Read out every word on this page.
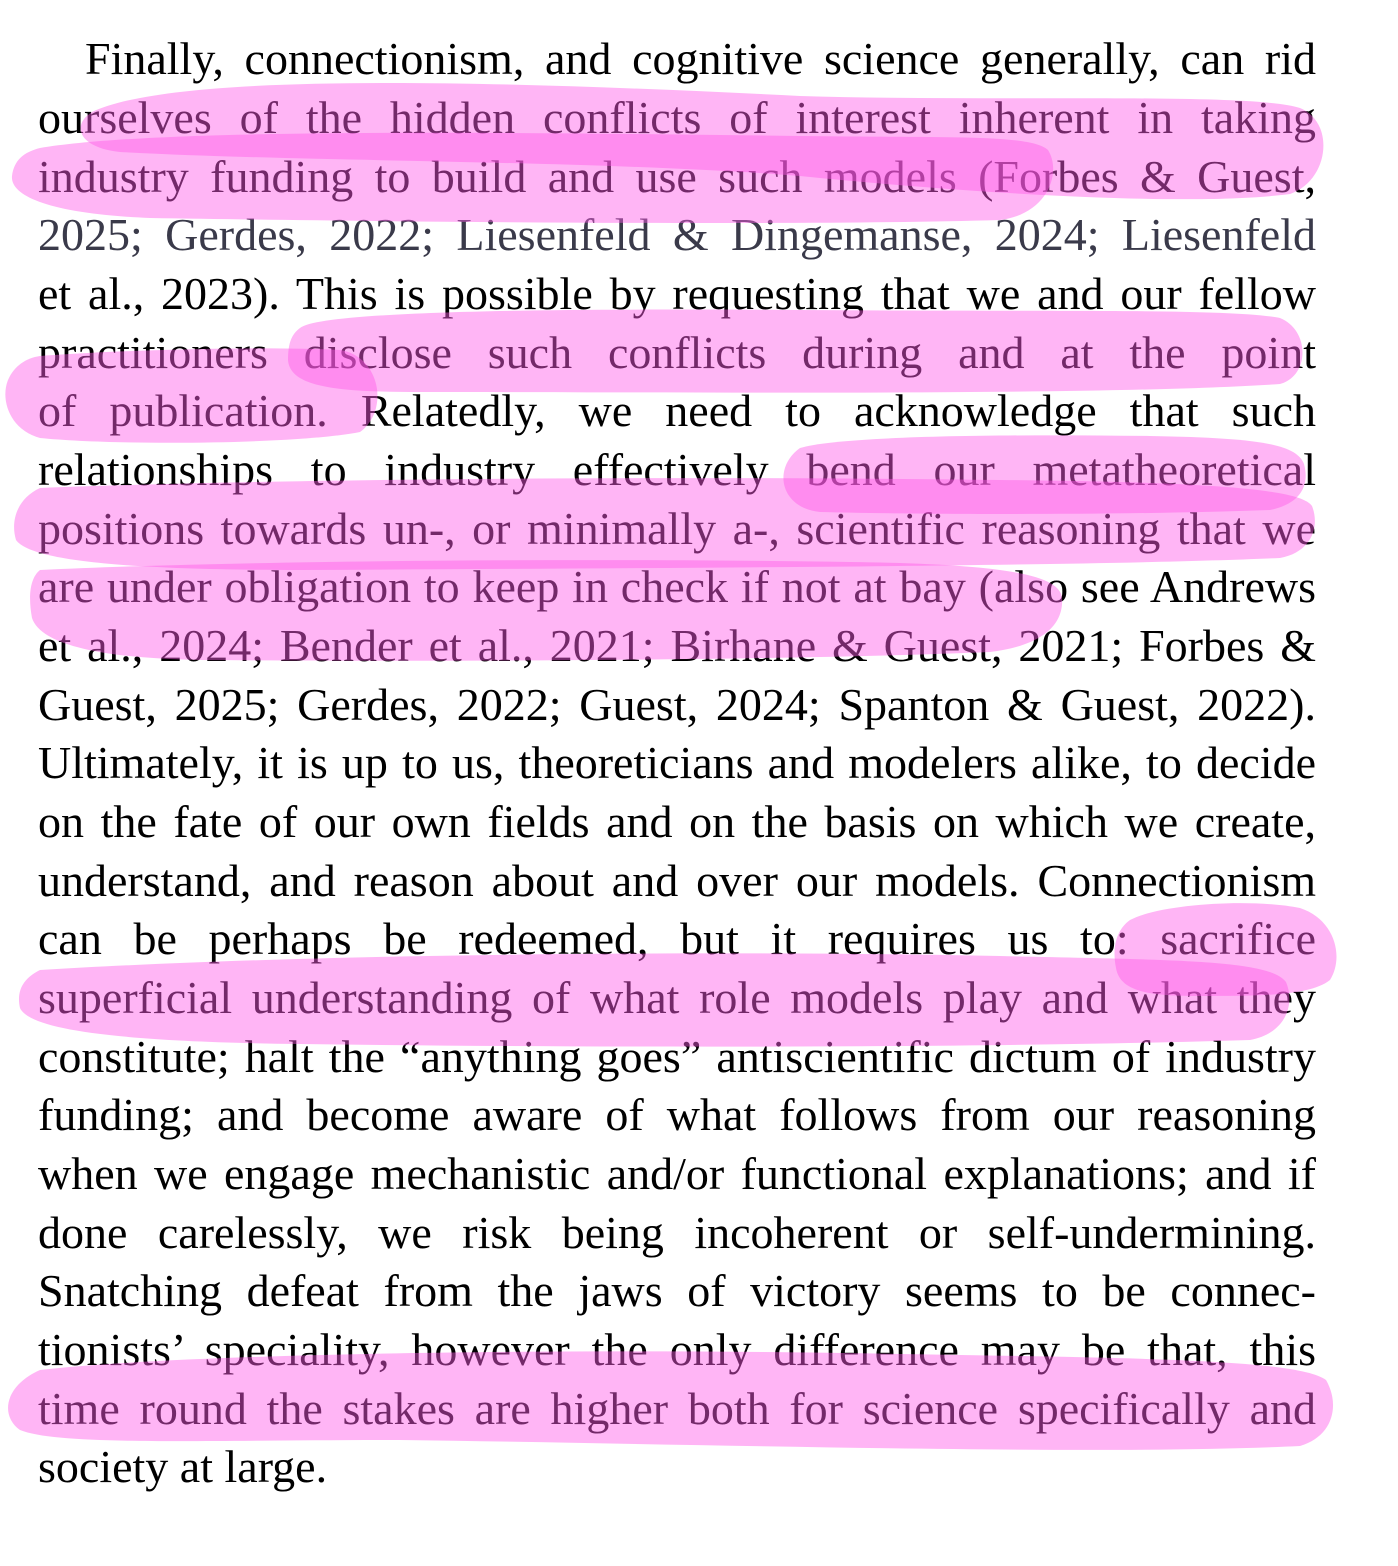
Finally, connectionism, and cognitive science generally, can rid
ourselves of the hidden conflicts of interest inherent in taking
industry funding to build and use such models (Forbes & Guest,
2025; Gerdes, 2022; Liesenfeld & Dingemanse, 2024; Liesenfeld
et al., 2023). This is possible by requesting that we and our fellow
practitioners disclose such conflicts during and at the point
of publication. Relatedly, we need to acknowledge that such
relationships to industry effectively bend our metatheoretical
positions towards un-, or minimally a-, scientific reasoning that we
are under obligation to keep in check if not at bay (also see Andrews
et al., 2024; Bender et al., 2021; Birhane & Guest, 2021; Forbes &
Guest, 2025; Gerdes, 2022; Guest, 2024; Spanton & Guest, 2022).
Ultimately, it is up to us, theoreticians and modelers alike, to decide
on the fate of our own fields and on the basis on which we create,
understand, and reason about and over our models. Connectionism
can be perhaps be redeemed, but it requires us to: sacrifice
superficial understanding of what role models play and what they
constitute; halt the “anything goes” antiscientific dictum of industry
funding; and become aware of what follows from our reasoning
when we engage mechanistic and/or functional explanations; and if
done carelessly, we risk being incoherent or self-undermining.
Snatching defeat from the jaws of victory seems to be connec-
tionists’ speciality, however the only difference may be that, this
time round the stakes are higher both for science specifically and
society at large.
